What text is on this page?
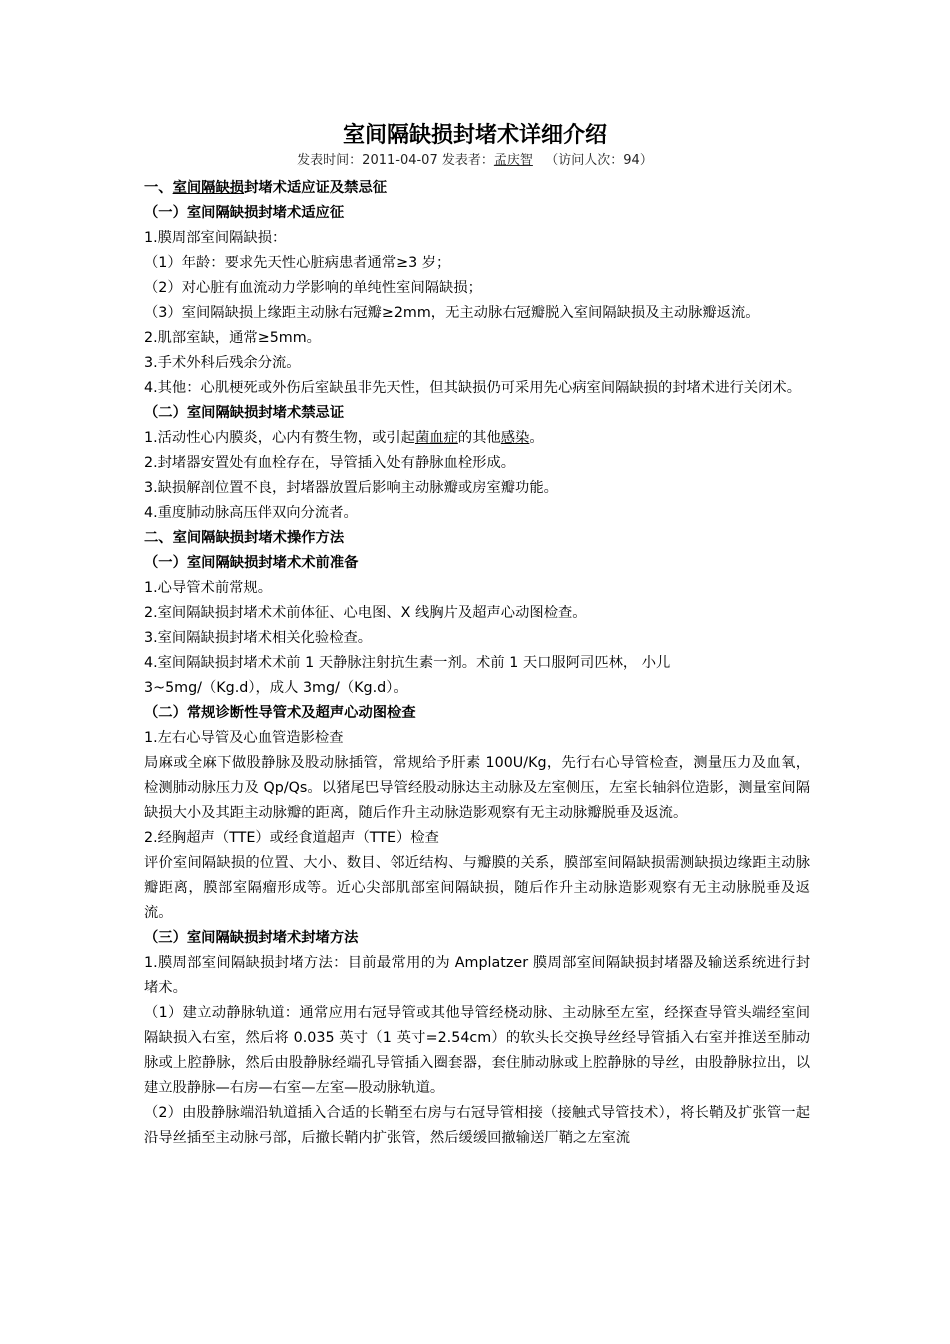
室间隔缺损封堵术详细介绍
发表时间：2011-04-07 发表者：孟庆智 （访问人次：94）

一、室间隔缺损封堵术适应证及禁忌征

（一）室间隔缺损封堵术适应征

1.膜周部室间隔缺损：

（1）年龄：要求先天性心脏病患者通常≥3 岁；

（2）对心脏有血流动力学影响的单纯性室间隔缺损；

（3）室间隔缺损上缘距主动脉右冠瓣≥2mm，无主动脉右冠瓣脱入室间隔缺损及主动脉瓣返流。

2.肌部室缺，通常≥5mm。

3.手术外科后残余分流。

4.其他：心肌梗死或外伤后室缺虽非先天性，但其缺损仍可采用先心病室间隔缺损的封堵术进行关闭术。

（二）室间隔缺损封堵术禁忌证

1.活动性心内膜炎，心内有赘生物，或引起菌血症的其他感染。

2.封堵器安置处有血栓存在，导管插入处有静脉血栓形成。

3.缺损解剖位置不良，封堵器放置后影响主动脉瓣或房室瓣功能。

4.重度肺动脉高压伴双向分流者。

二、室间隔缺损封堵术操作方法

（一）室间隔缺损封堵术术前准备

1.心导管术前常规。

2.室间隔缺损封堵术术前体征、心电图、X 线胸片及超声心动图检查。

3.室间隔缺损封堵术相关化验检查。

4.室间隔缺损封堵术术前 1 天静脉注射抗生素一剂。术前 1 天口服阿司匹林， 小儿

3~5mg/（Kg.d），成人 3mg/（Kg.d）。

（二）常规诊断性导管术及超声心动图检查

1.左右心导管及心血管造影检查

局麻或全麻下做股静脉及股动脉插管，常规给予肝素 100U/Kg，先行右心导管检查，测量压力及血氧，检测肺动脉压力及 Qp/Qs。以猪尾巴导管经股动脉达主动脉及左室侧压，左室长轴斜位造影，测量室间隔缺损大小及其距主动脉瓣的距离，随后作升主动脉造影观察有无主动脉瓣脱垂及返流。

2.经胸超声（TTE）或经食道超声（TTE）检查

评价室间隔缺损的位置、大小、数目、邻近结构、与瓣膜的关系，膜部室间隔缺损需测缺损边缘距主动脉瓣距离，膜部室隔瘤形成等。近心尖部肌部室间隔缺损，随后作升主动脉造影观察有无主动脉脱垂及返流。

（三）室间隔缺损封堵术封堵方法

1.膜周部室间隔缺损封堵方法：目前最常用的为 Amplatzer 膜周部室间隔缺损封堵器及输送系统进行封堵术。

（1）建立动静脉轨道：通常应用右冠导管或其他导管经桡动脉、主动脉至左室，经探查导管头端经室间隔缺损入右室，然后将 0.035 英寸（1 英寸=2.54cm）的软头长交换导丝经导管插入右室并推送至肺动脉或上腔静脉，然后由股静脉经端孔导管插入圈套器，套住肺动脉或上腔静脉的导丝，由股静脉拉出，以建立股静脉—右房—右室—左室—股动脉轨道。

（2）由股静脉端沿轨道插入合适的长鞘至右房与右冠导管相接（接触式导管技术），将长鞘及扩张管一起沿导丝插至主动脉弓部，后撤长鞘内扩张管，然后缓缓回撤输送厂鞘之左室流
